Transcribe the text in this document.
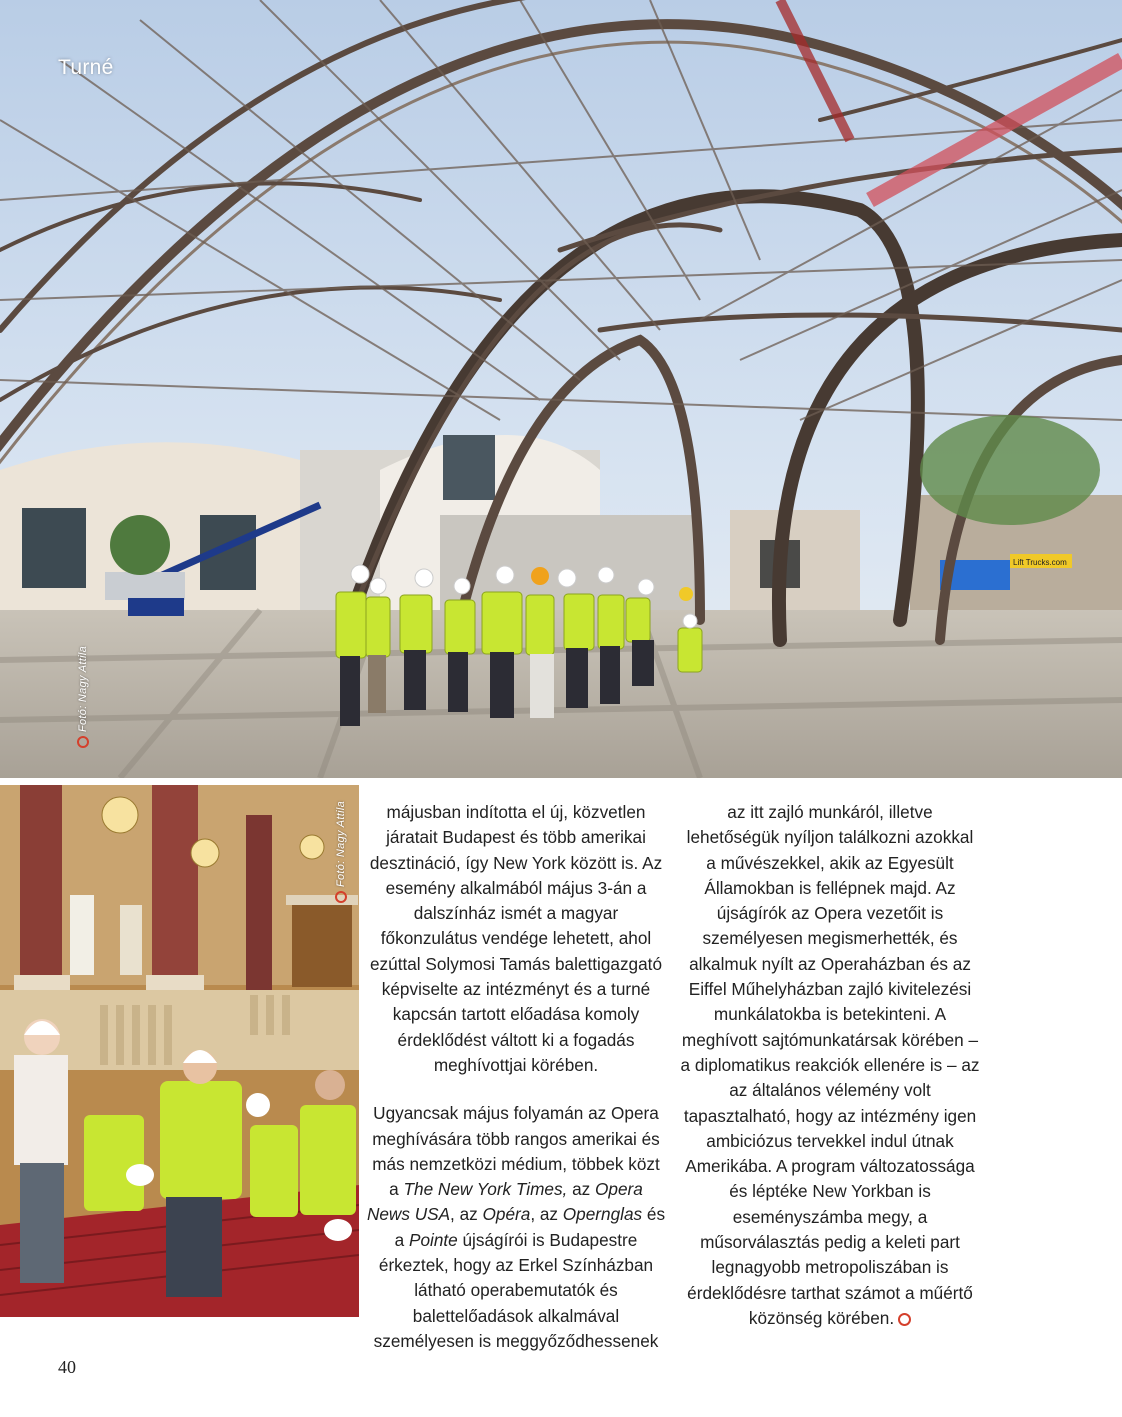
Lift Trucks.com
Turné
Fotó: Nagy Attila
Fotó: Nagy Attila	májusban indította el új, közvetlen járatait Budapest és több amerikai desztináció, így New York között is. Az esemény alkalmából május 3-án a dalszínház ismét a magyar főkonzulátus vendége lehetett, ahol ezúttal Solymosi Tamás balettigazgató képviselte az intézményt és a turné kapcsán tartott előadása komoly érdeklődést váltott ki a fogadás meghívottjai körében.

Ugyancsak május folyamán az Opera meghívására több rangos amerikai és más nemzetközi médium, többek közt a The New York Times, az Opera News USA, az Opéra, az Opernglas és a Pointe újságírói is Budapestre érkeztek, hogy az Erkel Színházban látható operabemutatók és balettelőadások alkalmával személyesen is meggyőződhessenek

az itt zajló munkáról, illetve lehetőségük nyíljon találkozni azokkal a művészekkel, akik az Egyesült Államokban is fellépnek majd. Az újságírók az Opera vezetőit is személyesen megismerhették, és alkalmuk nyílt az Operaházban és az Eiffel Műhelyházban zajló kivitelezési munkálatokba is betekinteni. A meghívott sajtómunkatársak körében – a diplomatikus reakciók ellenére is – az az általános vélemény volt tapasztalható, hogy az intézmény igen ambiciózus tervekkel indul útnak Amerikába. A program változatossága és léptéke New Yorkban is eseményszámba megy, a műsorválasztás pedig a keleti part legnagyobb metropoliszában is érdeklődésre tarthat számot a műértő közönség körében.

40
